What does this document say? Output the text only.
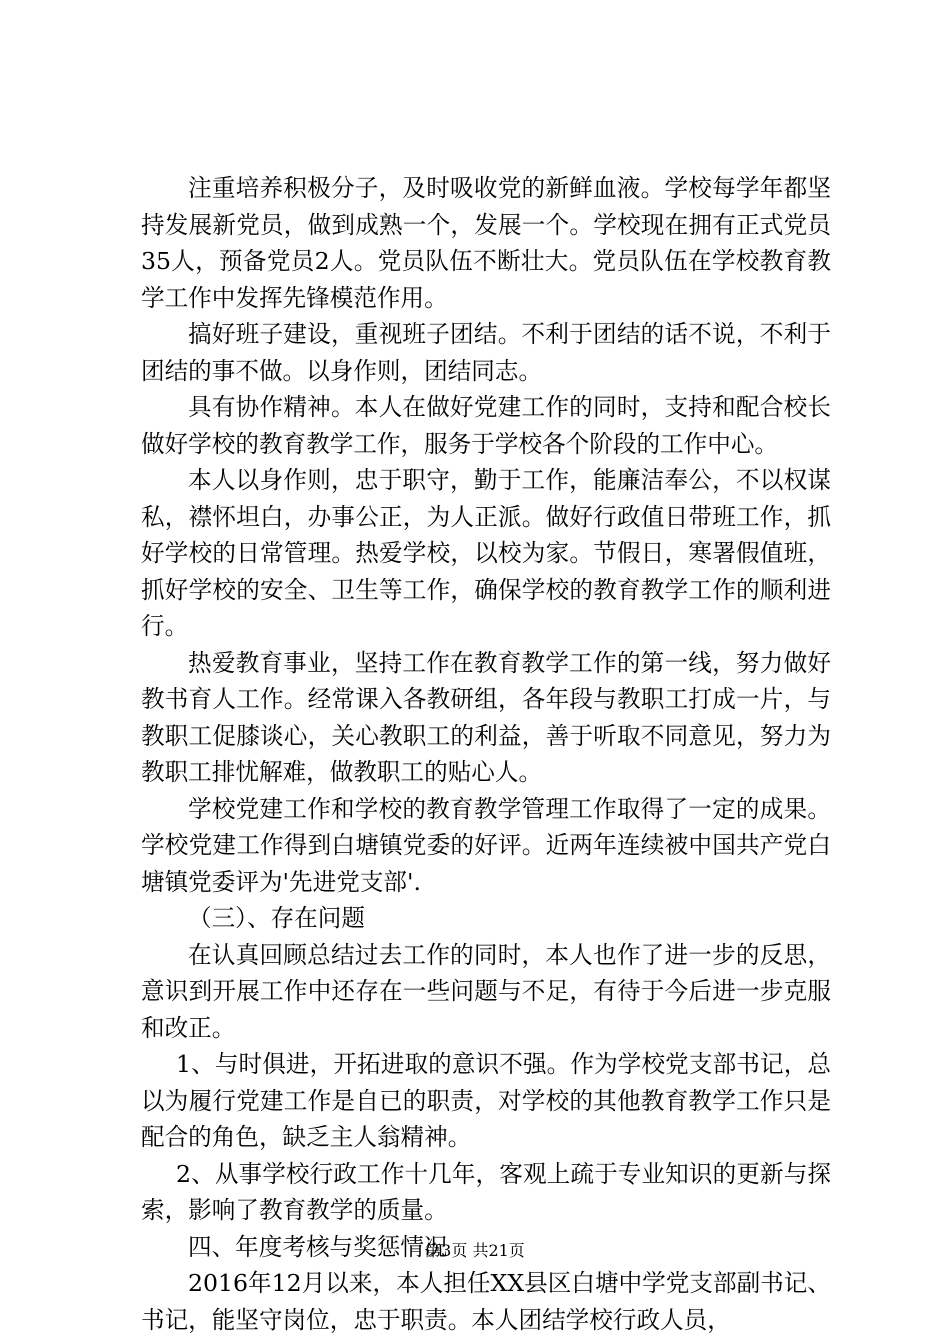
注重培养积极分子，及时吸收党的新鲜血液。学校每学年都坚持发展新党员，做到成熟一个，发展一个。学校现在拥有正式党员35人，预备党员2人。党员队伍不断壮大。党员队伍在学校教育教学工作中发挥先锋模范作用。

搞好班子建设，重视班子团结。不利于团结的话不说，不利于团结的事不做。以身作则，团结同志。

具有协作精神。本人在做好党建工作的同时，支持和配合校长做好学校的教育教学工作，服务于学校各个阶段的工作中心。

本人以身作则，忠于职守，勤于工作，能廉洁奉公，不以权谋私，襟怀坦白，办事公正，为人正派。做好行政值日带班工作，抓好学校的日常管理。热爱学校，以校为家。节假日，寒署假值班，抓好学校的安全、卫生等工作，确保学校的教育教学工作的顺利进行。

热爱教育事业，坚持工作在教育教学工作的第一线，努力做好教书育人工作。经常课入各教研组，各年段与教职工打成一片，与教职工促膝谈心，关心教职工的利益，善于听取不同意见，努力为教职工排忧解难，做教职工的贴心人。

学校党建工作和学校的教育教学管理工作取得了一定的成果。学校党建工作得到白塘镇党委的好评。近两年连续被中国共产党白塘镇党委评为'先进党支部'.

（三）、存在问题

在认真回顾总结过去工作的同时，本人也作了进一步的反思，意识到开展工作中还存在一些问题与不足，有待于今后进一步克服和改正。

1、与时俱进，开拓进取的意识不强。作为学校党支部书记，总以为履行党建工作是自已的职责，对学校的其他教育教学工作只是配合的角色，缺乏主人翁精神。

2、从事学校行政工作十几年，客观上疏于专业知识的更新与探索，影响了教育教学的质量。

四、年度考核与奖惩情况

2016年12月以来，本人担任XX县区白塘中学党支部副书记、书记，能坚守岗位，忠于职责。本人团结学校行政人员，

第3页 共21页
